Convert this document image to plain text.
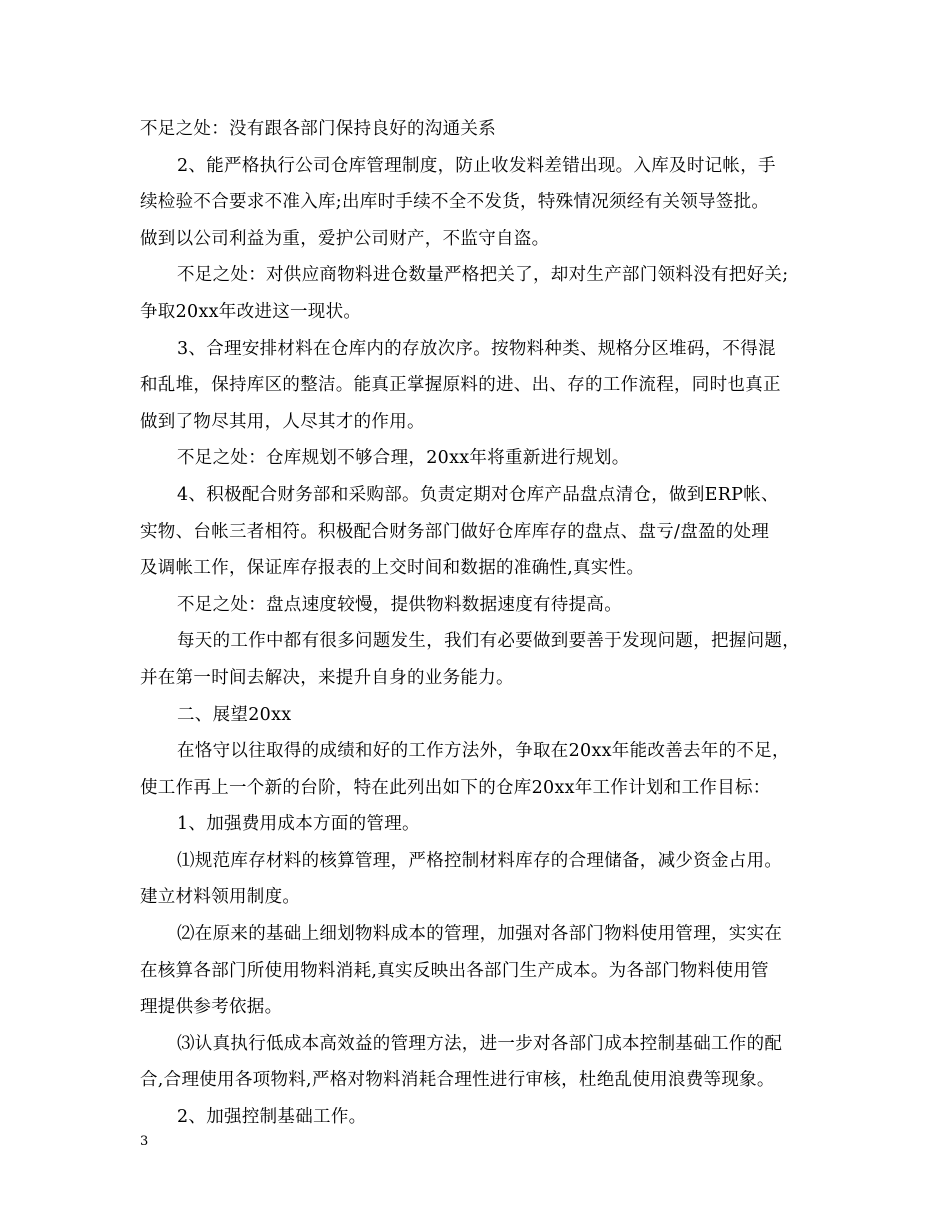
不足之处：没有跟各部门保持良好的沟通关系
2、能严格执行公司仓库管理制度，防止收发料差错出现。入库及时记帐，手
续检验不合要求不准入库;出库时手续不全不发货，特殊情况须经有关领导签批。
做到以公司利益为重，爱护公司财产，不监守自盗。
不足之处：对供应商物料进仓数量严格把关了，却对生产部门领料没有把好关;
争取20xx年改进这一现状。
3、合理安排材料在仓库内的存放次序。按物料种类、规格分区堆码，不得混
和乱堆，保持库区的整洁。能真正掌握原料的进、出、存的工作流程，同时也真正
做到了物尽其用，人尽其才的作用。
不足之处：仓库规划不够合理，20xx年将重新进行规划。
4、积极配合财务部和采购部。负责定期对仓库产品盘点清仓，做到ERP帐、
实物、台帐三者相符。积极配合财务部门做好仓库库存的盘点、盘亏/盘盈的处理
及调帐工作，保证库存报表的上交时间和数据的准确性,真实性。
不足之处：盘点速度较慢，提供物料数据速度有待提高。
每天的工作中都有很多问题发生，我们有必要做到要善于发现问题，把握问题，
并在第一时间去解决，来提升自身的业务能力。
二、展望20xx
在恪守以往取得的成绩和好的工作方法外，争取在20xx年能改善去年的不足，
使工作再上一个新的台阶，特在此列出如下的仓库20xx年工作计划和工作目标：
1、加强费用成本方面的管理。
⑴规范库存材料的核算管理，严格控制材料库存的合理储备，减少资金占用。
建立材料领用制度。
⑵在原来的基础上细划物料成本的管理，加强对各部门物料使用管理，实实在
在核算各部门所使用物料消耗,真实反映出各部门生产成本。为各部门物料使用管
理提供参考依据。
⑶认真执行低成本高效益的管理方法，进一步对各部门成本控制基础工作的配
合,合理使用各项物料,严格对物料消耗合理性进行审核，杜绝乱使用浪费等现象。
2、加强控制基础工作。
3
